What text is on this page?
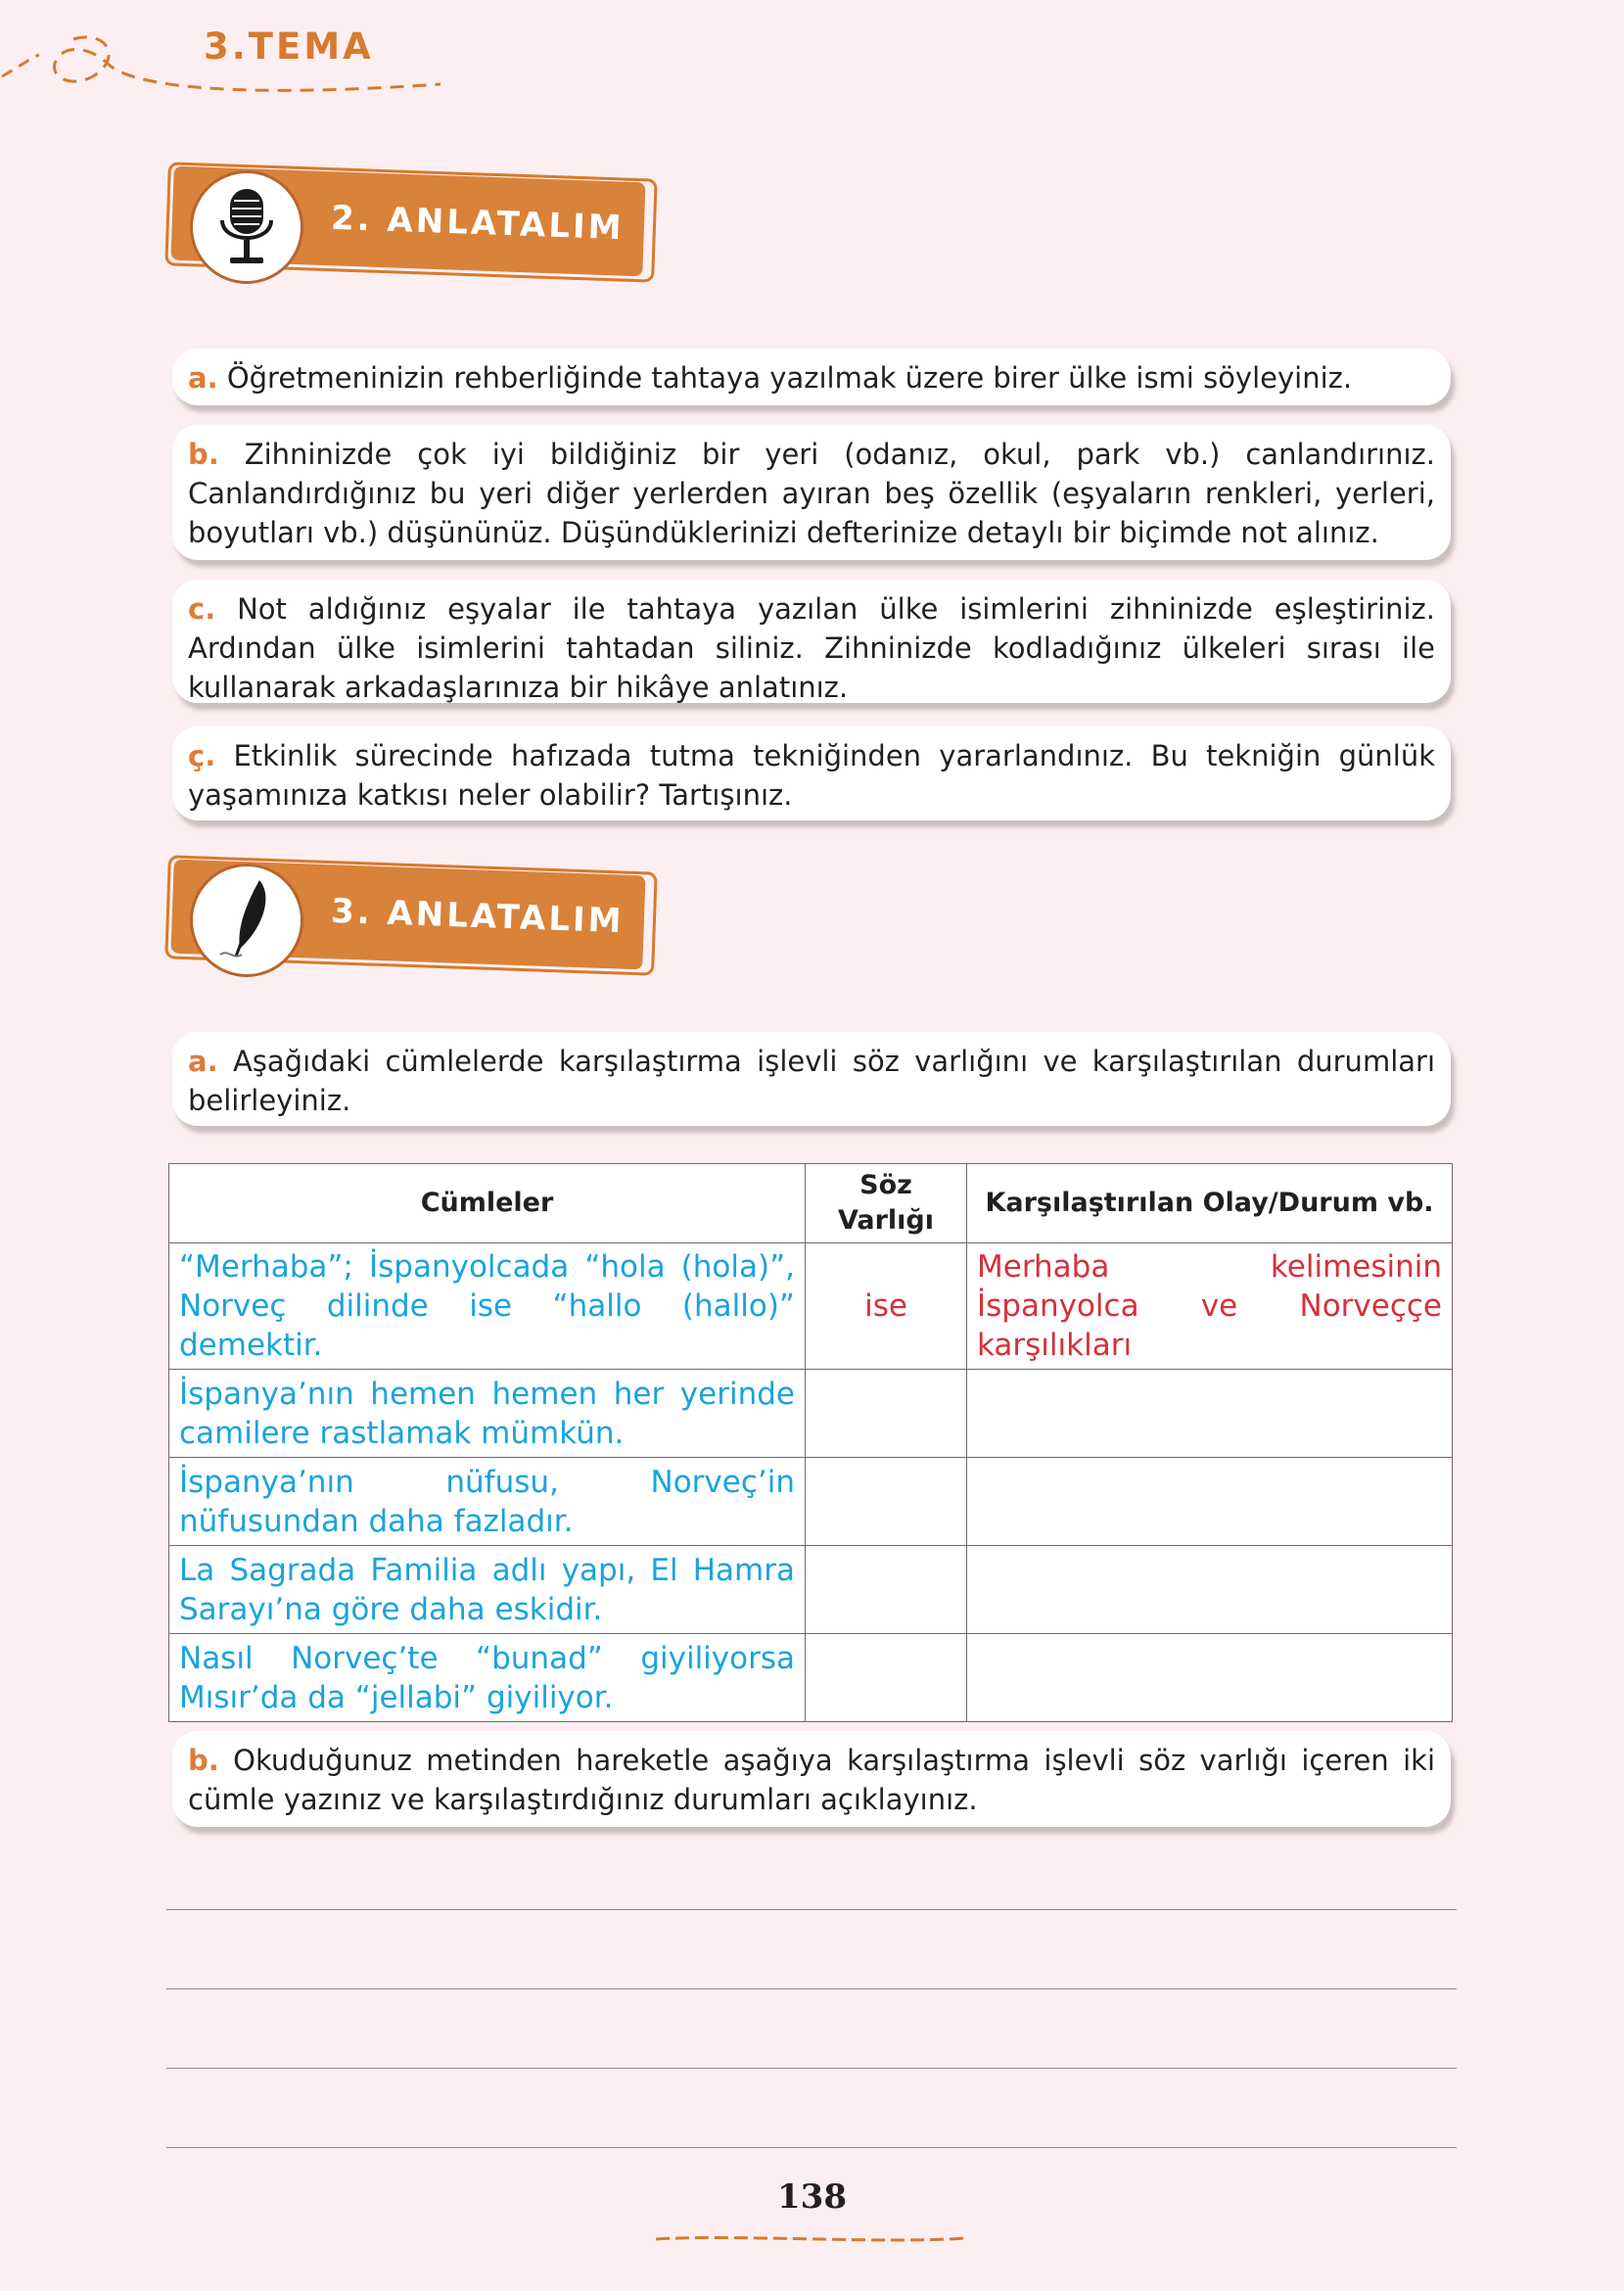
3.TEMA
2. ANLATALIM
a. Öğretmeninizin rehberliğinde tahtaya yazılmak üzere birer ülke ismi söyleyiniz.
b. Zihninizde çok iyi bildiğiniz bir yeri (odanız, okul, park vb.) canlandırınız. Canlandırdığınız bu yeri diğer yerlerden ayıran beş özellik (eşyaların renkleri, yerleri, boyutları vb.) düşününüz. Düşündüklerinizi defterinize detaylı bir biçimde not alınız.
c. Not aldığınız eşyalar ile tahtaya yazılan ülke isimlerini zihninizde eşleştiriniz. Ardından ülke isimlerini tahtadan siliniz. Zihninizde kodladığınız ülkeleri sırası ile kullanarak arkadaşlarınıza bir hikâye anlatınız.
ç. Etkinlik sürecinde hafızada tutma tekniğinden yararlandınız. Bu tekniğin günlük yaşamınıza katkısı neler olabilir? Tartışınız.
3. ANLATALIM
a. Aşağıdaki cümlelerde karşılaştırma işlevli söz varlığını ve karşılaştırılan durumları belirleyiniz.
Cümleler	Söz Varlığı	Karşılaştırılan Olay/Durum vb.
“Merhaba”; İspanyolcada “hola (hola)”, Norveç dilinde ise “hallo (hallo)” demektir.	ise	Merhaba kelimesinin İspanyolca ve Norveççe karşılıkları
İspanya’nın hemen hemen her yerinde camilere rastlamak mümkün.		
İspanya’nın nüfusu, Norveç’in nüfusundan daha fazladır.		
La Sagrada Familia adlı yapı, El Hamra Sarayı’na göre daha eskidir.		
Nasıl Norveç’te “bunad” giyiliyorsa Mısır’da da “jellabi” giyiliyor.		
b. Okuduğunuz metinden hareketle aşağıya karşılaştırma işlevli söz varlığı içeren iki cümle yazınız ve karşılaştırdığınız durumları açıklayınız.
138
